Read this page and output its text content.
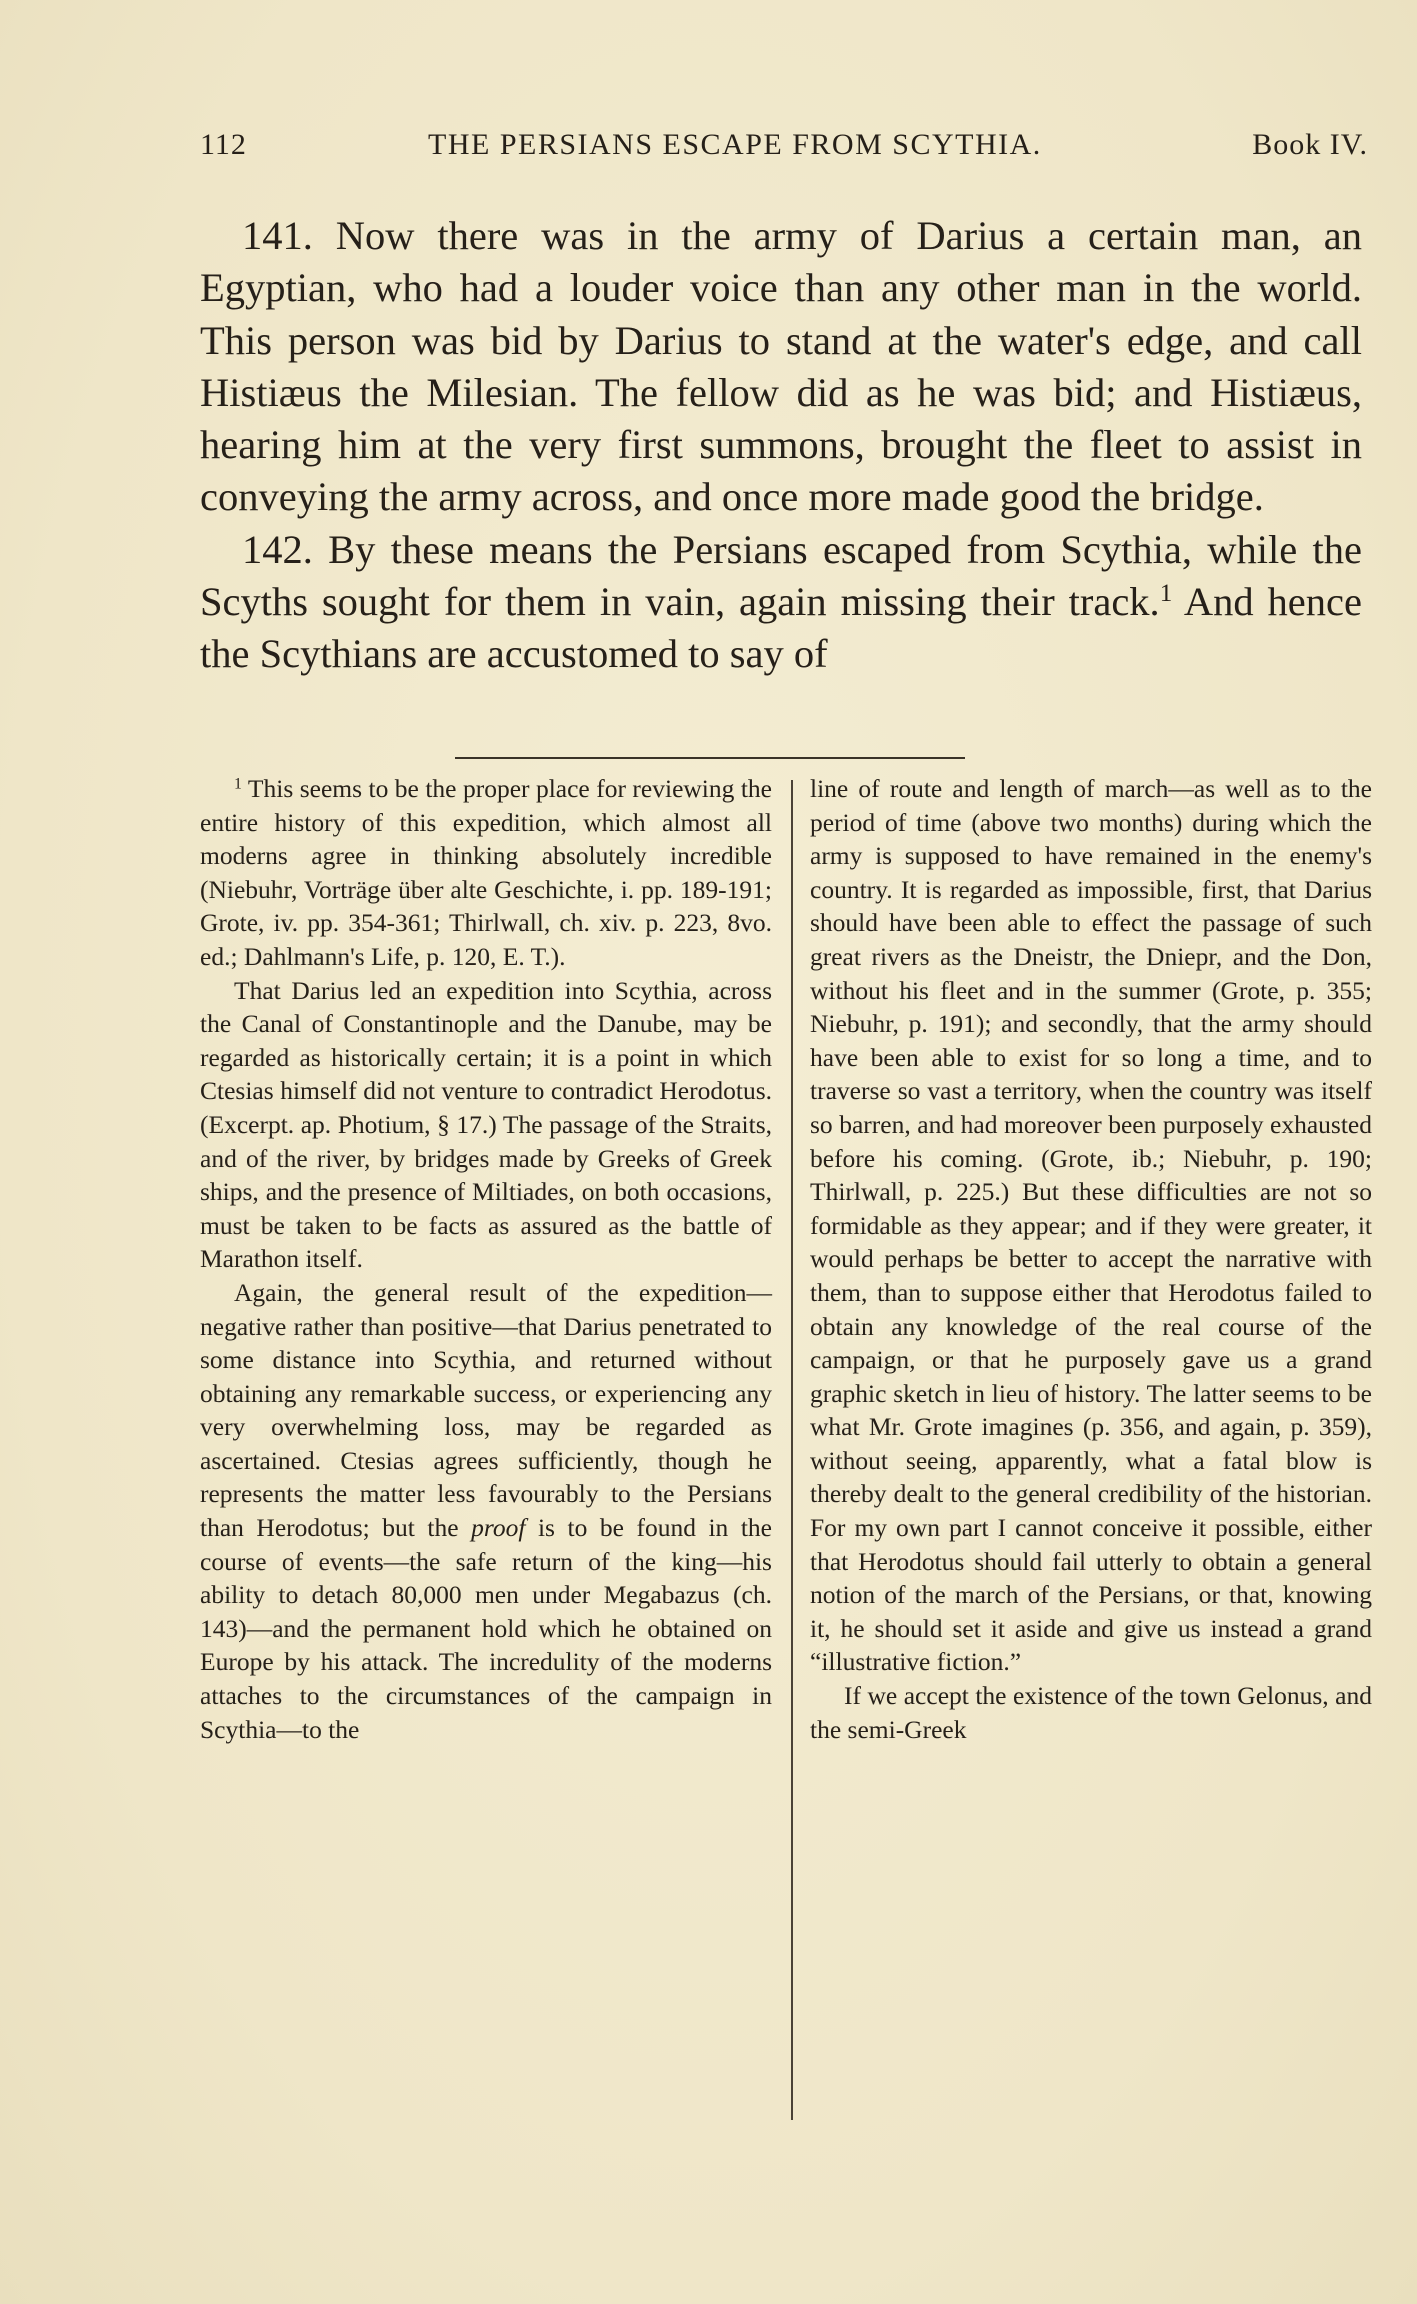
112	THE PERSIANS ESCAPE FROM SCYTHIA.	Book IV.

141. Now there was in the army of Darius a certain man, an Egyptian, who had a louder voice than any other man in the world. This person was bid by Darius to stand at the water's edge, and call Histiæus the Milesian. The fellow did as he was bid; and Histiæus, hearing him at the very first summons, brought the fleet to assist in conveying the army across, and once more made good the bridge.

142. By these means the Persians escaped from Scythia, while the Scyths sought for them in vain, again missing their track.$^1$ And hence the Scythians are accustomed to say of

$^1$ This seems to be the proper place for reviewing the entire history of this expedition, which almost all moderns agree in thinking absolutely incredible (Niebuhr, Vorträge über alte Geschichte, i. pp. 189-191; Grote, iv. pp. 354-361; Thirlwall, ch. xiv. p. 223, 8vo. ed.; Dahlmann's Life, p. 120, E. T.).

That Darius led an expedition into Scythia, across the Canal of Constantinople and the Danube, may be regarded as historically certain; it is a point in which Ctesias himself did not venture to contradict Herodotus. (Excerpt. ap. Photium, § 17.) The passage of the Straits, and of the river, by bridges made by Greeks of Greek ships, and the presence of Miltiades, on both occasions, must be taken to be facts as assured as the battle of Marathon itself.

Again, the general result of the expedition—negative rather than positive—that Darius penetrated to some distance into Scythia, and returned without obtaining any remarkable success, or experiencing any very overwhelming loss, may be regarded as ascertained. Ctesias agrees sufficiently, though he represents the matter less favourably to the Persians than Herodotus; but the proof is to be found in the course of events—the safe return of the king—his ability to detach 80,000 men under Megabazus (ch. 143)—and the permanent hold which he obtained on Europe by his attack. The incredulity of the moderns attaches to the circumstances of the campaign in Scythia—to the

line of route and length of march—as well as to the period of time (above two months) during which the army is supposed to have remained in the enemy's country. It is regarded as impossible, first, that Darius should have been able to effect the passage of such great rivers as the Dneistr, the Dniepr, and the Don, without his fleet and in the summer (Grote, p. 355; Niebuhr, p. 191); and secondly, that the army should have been able to exist for so long a time, and to traverse so vast a territory, when the country was itself so barren, and had moreover been purposely exhausted before his coming. (Grote, ib.; Niebuhr, p. 190; Thirlwall, p. 225.) But these difficulties are not so formidable as they appear; and if they were greater, it would perhaps be better to accept the narrative with them, than to suppose either that Herodotus failed to obtain any knowledge of the real course of the campaign, or that he purposely gave us a grand graphic sketch in lieu of history. The latter seems to be what Mr. Grote imagines (p. 356, and again, p. 359), without seeing, apparently, what a fatal blow is thereby dealt to the general credibility of the historian. For my own part I cannot conceive it possible, either that Herodotus should fail utterly to obtain a general notion of the march of the Persians, or that, knowing it, he should set it aside and give us instead a grand “illustrative fiction.”

If we accept the existence of the town Gelonus, and the semi-Greek
